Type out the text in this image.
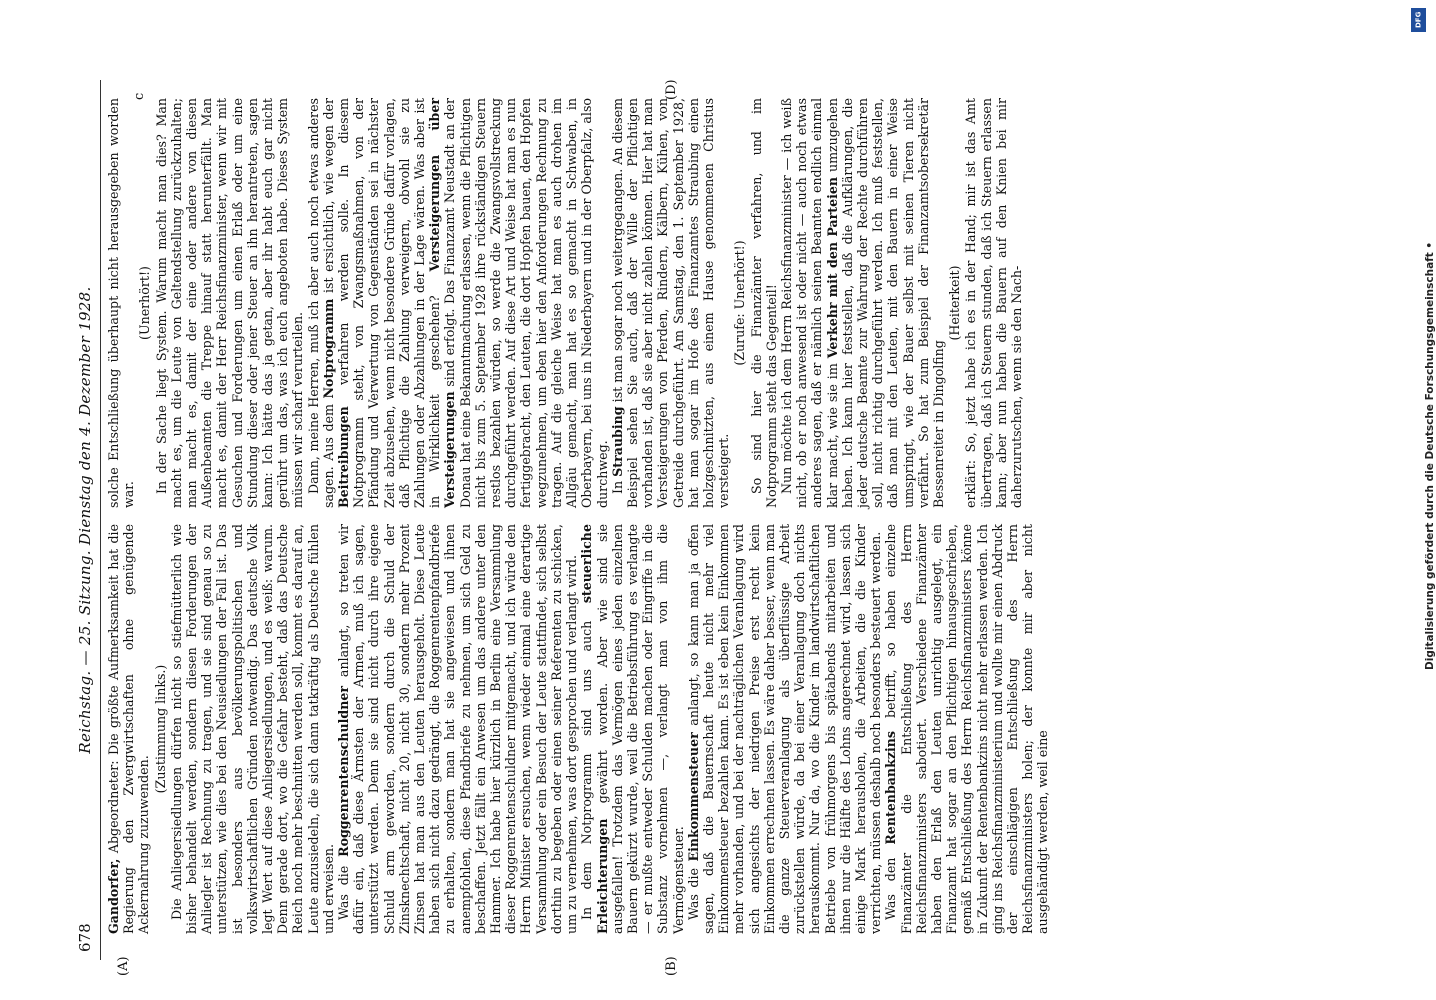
678
Reichstag. — 25. Sitzung. Dienstag den 4. Dezember 1928.
(A)	(B)
c	(D)

Gandorfer, Abgeordneter: Die größte Aufmerksamkeit hat die Regierung den Zwergwirtschaften ohne genügende Ackernahrung zuzuwenden.

(Zustimmung links.) Die Anliegersiedlungen dürfen nicht so stiefmütterlich wie bisher behandelt werden, sondern diesen Forderungen der Anliegler ist Rechnung zu tragen, und sie sind genau so zu unterstützen, wie dies bei den Neusiedlungen der Fall ist. Das ist besonders aus bevölkerungspolitischen und volkswirtschaftlichen Gründen notwendig. Das deutsche Volk legt Wert auf diese Anliegersiedlungen, und es weiß: warum. Denn gerade dort, wo die Gefahr besteht, daß das Deutsche Reich noch mehr beschnitten werden soll, kommt es darauf an, Leute anzusiedeln, die sich dann tatkräftig als Deutsche fühlen und erweisen. Was die Roggenrentenschuldner anlangt, so treten wir dafür ein, daß diese Ärmsten der Armen, muß ich sagen, unterstützt werden. Denn sie sind nicht durch ihre eigene Schuld arm geworden, sondern durch die Schuld der Zinsknechtschaft, nicht 20, nicht 30, sondern mehr Prozent Zinsen hat man aus den Leuten herausgeholt. Diese Leute haben sich nicht dazu gedrängt, die Roggenrentenpfandbriefe zu erhalten, sondern man hat sie angewiesen und ihnen anempfohlen, diese Pfandbriefe zu nehmen, um sich Geld zu beschaffen. Jetzt fällt ein Anwesen um das andere unter den Hammer. Ich habe hier kürzlich in Berlin eine Versammlung dieser Roggenrentenschuldner mitgemacht, und ich würde den Herrn Minister ersuchen, wenn wieder einmal eine derartige Versammlung oder ein Besuch der Leute stattfindet, sich selbst dorthin zu begeben oder einen seiner Referenten zu schicken, um zu vernehmen, was dort gesprochen und verlangt wird. In dem Notprogramm sind uns auch steuerliche Erleichterungen gewährt worden. Aber wie sind sie ausgefallen! Trotzdem das Vermögen eines jeden einzelnen Bauern gekürzt wurde, weil die Betriebsführung es verlangte — er mußte entweder Schulden machen oder Eingriffe in die Substanz vornehmen —, verlangt man von ihm die Vermögensteuer. Was die Einkommensteuer anlangt, so kann man ja offen sagen, daß die Bauernschaft heute nicht mehr viel Einkommensteuer bezahlen kann. Es ist eben kein Einkommen mehr vorhanden, und bei der nachträglichen Veranlagung wird sich angesichts der niedrigen Preise erst recht kein Einkommen errechnen lassen. Es wäre daher besser, wenn man die ganze Steuerveranlagung als überflüssige Arbeit zurückstellen würde, da bei einer Veranlagung doch nichts herauskommt. Nur da, wo die Kinder im landwirtschaftlichen Betriebe von frühmorgens bis spätabends mitarbeiten und ihnen nur die Hälfte des Lohns angerechnet wird, lassen sich einige Mark herausholen, die Arbeiten, die die Kinder verrichten, müssen deshalb noch besonders besteuert werden. Was den Rentenbankzins betrifft, so haben einzelne Finanzämter die Entschließung des Herrn Reichsfinanzministers sabotiert. Verschiedene Finanzämter haben den Erlaß den Leuten unrichtig ausgelegt, ein Finanzamt hat sogar an den Pflichtigen hinausgeschrieben, gemäß Entschließung des Herrn Reichsfinanzministers könne in Zukunft der Rentenbankzins nicht mehr erlassen werden. Ich ging ins Reichsfinanzministerium und wollte mir einen Abdruck der einschlägigen Entschließung des Herrn Reichsfinanzministers holen; der konnte mir aber nicht ausgehändigt werden, weil eine

solche Entschließung überhaupt nicht herausgegeben worden war.

(Unerhört!) In der Sache liegt System. Warum macht man dies? Man macht es, um die Leute von Geltendstellung zurückzuhalten; man macht es, damit der eine oder andere von diesen Außenbeamten die Treppe hinauf statt herunterfällt. Man macht es, damit der Herr Reichsfinanzminister, wenn wir mit Gesuchen und Forderungen um einen Erlaß oder um eine Stundung dieser oder jener Steuer an ihn herantreten, sagen kann: Ich hätte das ja getan, aber ihr habt euch gar nicht gerührt um das, was ich euch angeboten habe. Dieses System müssen wir scharf verurteilen. Dann, meine Herren, muß ich aber auch noch etwas anderes sagen. Aus dem Notprogramm ist ersichtlich, wie wegen der Beitreibungen verfahren werden solle. In diesem Notprogramm steht, von Zwangsmaßnahmen, von der Pfändung und Verwertung von Gegenständen sei in nächster Zeit abzusehen, wenn nicht besondere Gründe dafür vorlagen, daß Pflichtige die Zahlung verweigern, obwohl sie zu Zahlungen oder Abzahlungen in der Lage wären. Was aber ist in Wirklichkeit geschehen? Versteigerungen über Versteigerungen sind erfolgt. Das Finanzamt Neustadt an der Donau hat eine Bekanntmachung erlassen, wenn die Pflichtigen nicht bis zum 5. September 1928 ihre rückständigen Steuern restlos bezahlen würden, so werde die Zwangsvollstreckung durchgeführt werden. Auf diese Art und Weise hat man es nun fertiggebracht, den Leuten, die dort Hopfen bauen, den Hopfen wegzunehmen, um eben hier den Anforderungen Rechnung zu tragen. Auf die gleiche Weise hat man es auch drohen im Allgäu gemacht, man hat es so gemacht in Schwaben, in Oberbayern, bei uns in Niederbayern und in der Oberpfalz, also durchweg. In Straubing ist man sogar noch weitergegangen. An diesem Beispiel sehen Sie auch, daß der Wille der Pflichtigen vorhanden ist, daß sie aber nicht zahlen können. Hier hat man Versteigerungen von Pferden, Rindern, Kälbern, Kühen, von Getreide durchgeführt. Am Samstag, den 1. September 1928, hat man sogar im Hofe des Finanzamtes Straubing einen holzgeschnitzten, aus einem Hause genommenen Christus versteigert.

(Zurufe: Unerhört!) So sind hier die Finanzämter verfahren, und im Notprogramm steht das Gegenteil! Nun möchte ich dem Herrn Reichsfinanzminister — ich weiß nicht, ob er noch anwesend ist oder nicht — auch noch etwas anderes sagen, daß er nämlich seinen Beamten endlich einmal klar macht, wie sie im Verkehr mit den Parteien umzugehen haben. Ich kann hier feststellen, daß die Aufklärungen, die jeder deutsche Beamte zur Wahrung der Rechte durchführen soll, nicht richtig durchgeführt werden. Ich muß feststellen, daß man mit den Leuten, mit den Bauern in einer Weise umspringt, wie der Bauer selbst mit seinen Tieren nicht verfährt. So hat zum Beispiel der Finanzamtsobersekretär Bessenreiter in Dingolfing

(Heiterkeit) erklärt: So, jetzt habe ich es in der Hand; mir ist das Amt übertragen, daß ich Steuern stunden, daß ich Steuern erlassen kann; aber nun haben die Bauern auf den Knien bei mir daherzurutschen, wenn sie den Nach-

DFG
Digitalisierung gefördert durch die Deutsche Forschungsgemeinschaft •
